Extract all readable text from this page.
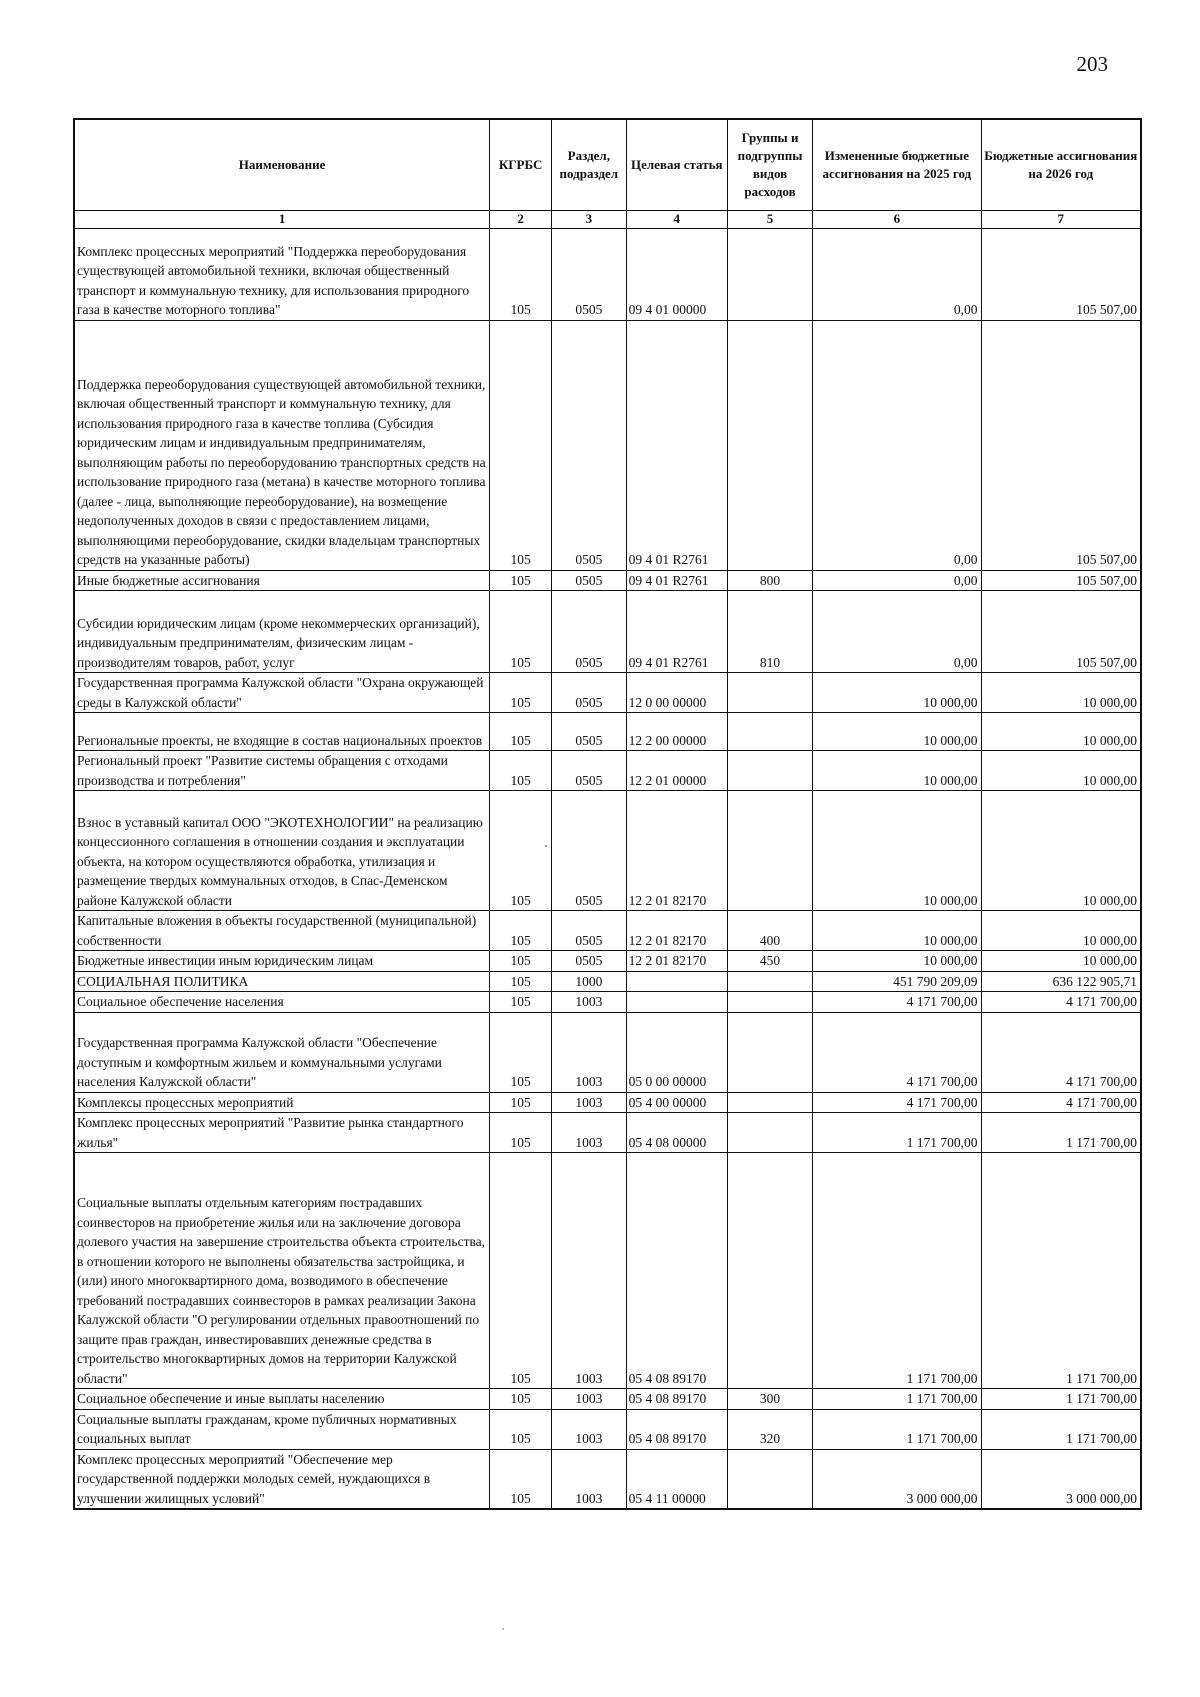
203
Наименование	КГРБС	Раздел, подраздел	Целевая статья	Группы и подгруппы видов расходов	Измененные бюджетные ассигнования на 2025 год	Бюджетные ассигнования на 2026 год
1	2	3	4	5	6	7
Комплекс процессных мероприятий "Поддержка переоборудования существующей автомобильной техники, включая общественный транспорт и коммунальную технику, для использования природного газа в качестве моторного топлива"	105	0505	09 4 01 00000		0,00	105 507,00
Поддержка переоборудования существующей автомобильной техники, включая общественный транспорт и коммунальную технику, для использования природного газа в качестве топлива (Субсидия юридическим лицам и индивидуальным предпринимателям, выполняющим работы по переоборудованию транспортных средств на использование природного газа (метана) в качестве моторного топлива (далее - лица, выполняющие переоборудование), на возмещение недополученных доходов в связи с предоставлением лицами, выполняющими переоборудование, скидки владельцам транспортных средств на указанные работы)	105	0505	09 4 01 R2761		0,00	105 507,00
Иные бюджетные ассигнования	105	0505	09 4 01 R2761	800	0,00	105 507,00
Субсидии юридическим лицам (кроме некоммерческих организаций), индивидуальным предпринимателям, физическим лицам - производителям товаров, работ, услуг	105	0505	09 4 01 R2761	810	0,00	105 507,00
Государственная программа Калужской области "Охрана окружающей среды в Калужской области"	105	0505	12 0 00 00000		10 000,00	10 000,00
Региональные проекты, не входящие в состав национальных проектов	105	0505	12 2 00 00000		10 000,00	10 000,00
Региональный проект "Развитие системы обращения с отходами производства и потребления"	105	0505	12 2 01 00000		10 000,00	10 000,00
Взнос в уставный капитал ООО "ЭКОТЕХНОЛОГИИ" на реализацию концессионного соглашения в отношении создания и эксплуатации объекта, на котором осуществляются обработка, утилизация и размещение твердых коммунальных отходов, в Спас-Деменском районе Калужской области	105	0505	12 2 01 82170		10 000,00	10 000,00
Капитальные вложения в объекты государственной (муниципальной) собственности	105	0505	12 2 01 82170	400	10 000,00	10 000,00
Бюджетные инвестиции иным юридическим лицам	105	0505	12 2 01 82170	450	10 000,00	10 000,00
СОЦИАЛЬНАЯ ПОЛИТИКА	105	1000			451 790 209,09	636 122 905,71
Социальное обеспечение населения	105	1003			4 171 700,00	4 171 700,00
Государственная программа Калужской области "Обеспечение доступным и комфортным жильем и коммунальными услугами населения Калужской области"	105	1003	05 0 00 00000		4 171 700,00	4 171 700,00
Комплексы процессных мероприятий	105	1003	05 4 00 00000		4 171 700,00	4 171 700,00
Комплекс процессных мероприятий "Развитие рынка стандартного жилья"	105	1003	05 4 08 00000		1 171 700,00	1 171 700,00
Социальные выплаты отдельным категориям пострадавших соинвесторов на приобретение жилья или на заключение договора долевого участия на завершение строительства объекта строительства, в отношении которого не выполнены обязательства застройщика, и (или) иного многоквартирного дома, возводимого в обеспечение требований пострадавших соинвесторов в рамках реализации Закона Калужской области "О регулировании отдельных правоотношений по защите прав граждан, инвестировавших денежные средства в строительство многоквартирных домов на территории Калужской области"	105	1003	05 4 08 89170		1 171 700,00	1 171 700,00
Социальное обеспечение и иные выплаты населению	105	1003	05 4 08 89170	300	1 171 700,00	1 171 700,00
Социальные выплаты гражданам, кроме публичных нормативных социальных выплат	105	1003	05 4 08 89170	320	1 171 700,00	1 171 700,00
Комплекс процессных мероприятий "Обеспечение мер государственной поддержки молодых семей, нуждающихся в улучшении жилищных условий"	105	1003	05 4 11 00000		3 000 000,00	3 000 000,00
